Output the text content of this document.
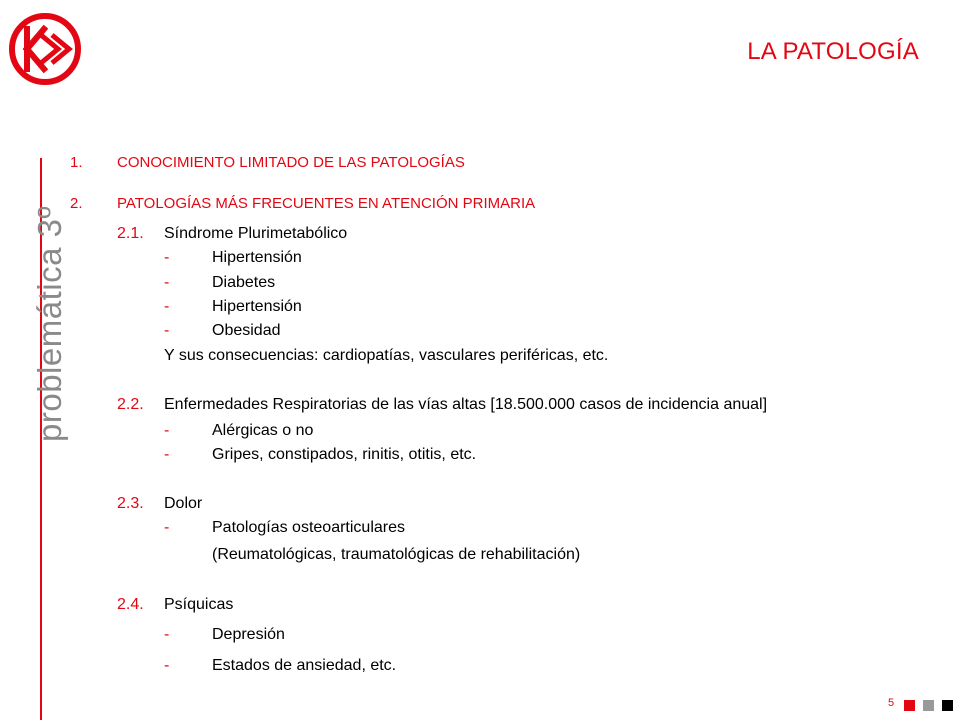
LA PATOLOGÍA
problemática 3º
1. CONOCIMIENTO LIMITADO DE LAS PATOLOGÍAS
2. PATOLOGÍAS MÁS FRECUENTES EN ATENCIÓN PRIMARIA
2.1. Síndrome Plurimetabólico
-	Hipertensión
-	Diabetes
-	Hipertensión
-	Obesidad
Y sus consecuencias: cardiopatías, vasculares periféricas, etc.
2.2. Enfermedades Respiratorias de las vías altas [18.500.000 casos de incidencia anual]
-	Alérgicas o no
-	Gripes, constipados, rinitis, otitis, etc.
2.3. Dolor
-	Patologías osteoarticulares
(Reumatológicas, traumatológicas de rehabilitación)
2.4. Psíquicas
-	Depresión
-	Estados de ansiedad, etc.
5
